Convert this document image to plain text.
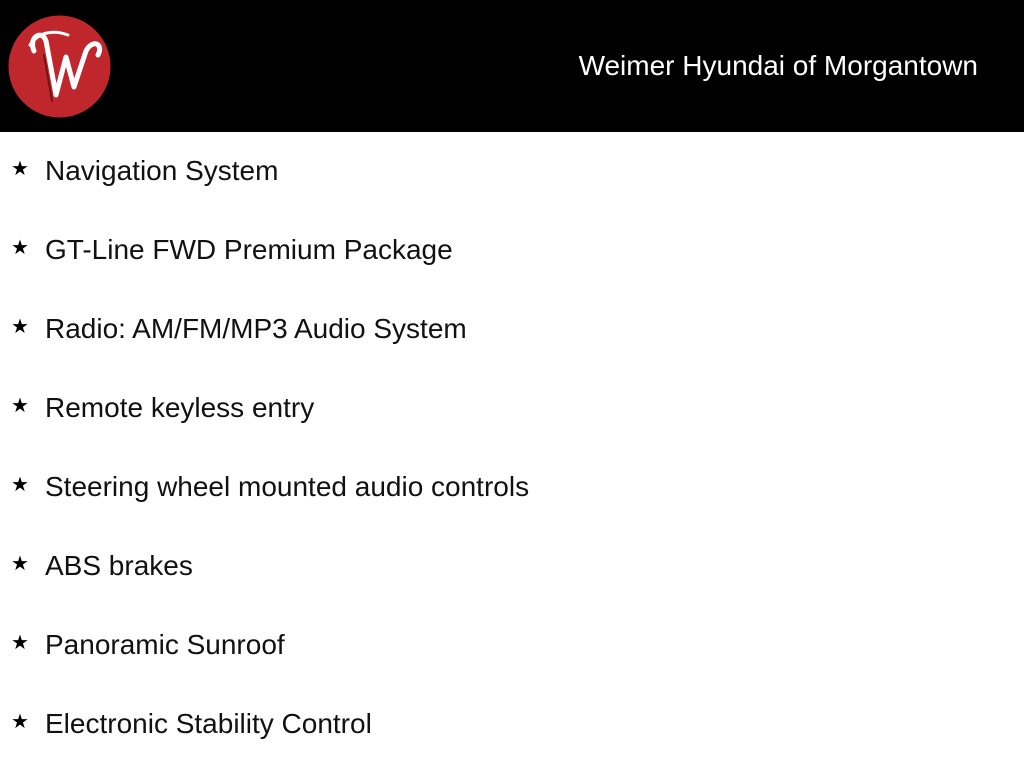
Weimer Hyundai of Morgantown
★ Navigation System
★ GT-Line FWD Premium Package
★ Radio: AM/FM/MP3 Audio System
★ Remote keyless entry
★ Steering wheel mounted audio controls
★ ABS brakes
★ Panoramic Sunroof
★ Electronic Stability Control
